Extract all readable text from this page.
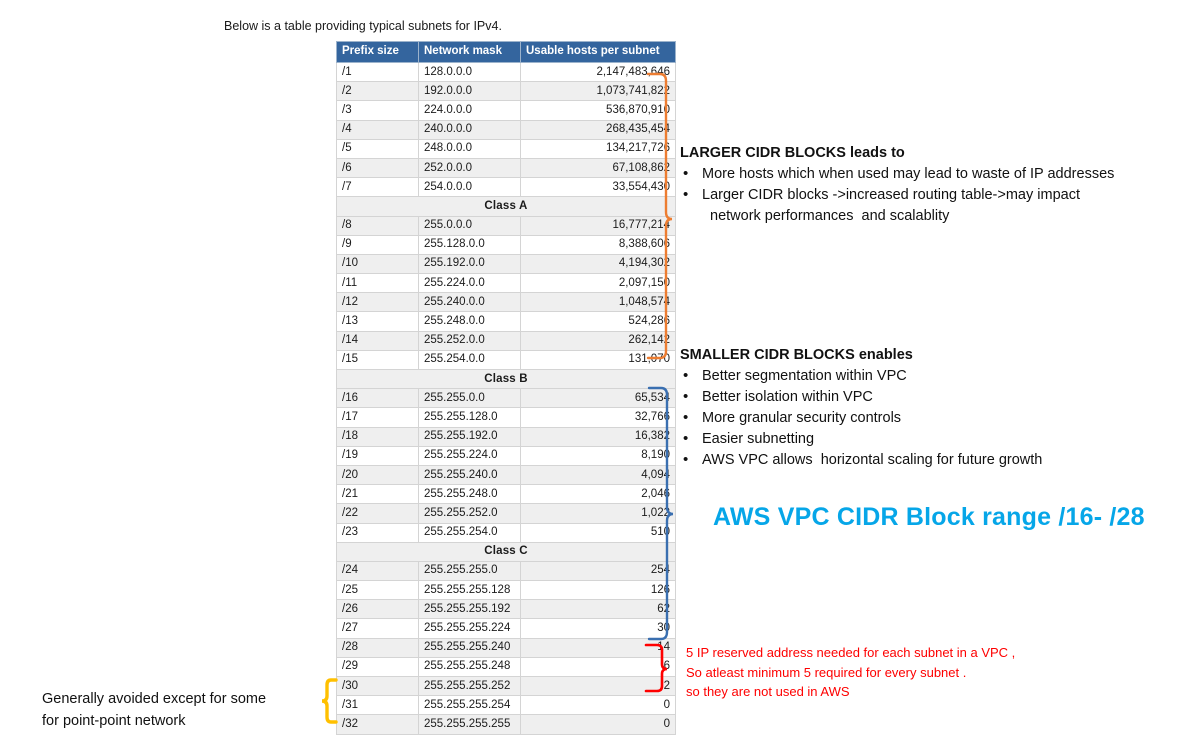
Below is a table providing typical subnets for IPv4.
Prefix size	Network mask	Usable hosts per subnet
/1	128.0.0.0	2,147,483,646
/2	192.0.0.0	1,073,741,822
/3	224.0.0.0	536,870,910
/4	240.0.0.0	268,435,454
/5	248.0.0.0	134,217,726
/6	252.0.0.0	67,108,862
/7	254.0.0.0	33,554,430
Class A		
/8	255.0.0.0	16,777,214
/9	255.128.0.0	8,388,606
/10	255.192.0.0	4,194,302
/11	255.224.0.0	2,097,150
/12	255.240.0.0	1,048,574
/13	255.248.0.0	524,286
/14	255.252.0.0	262,142
/15	255.254.0.0	131,070
Class B		
/16	255.255.0.0	65,534
/17	255.255.128.0	32,766
/18	255.255.192.0	16,382
/19	255.255.224.0	8,190
/20	255.255.240.0	4,094
/21	255.255.248.0	2,046
/22	255.255.252.0	1,022
/23	255.255.254.0	510
Class C		
/24	255.255.255.0	254
/25	255.255.255.128	126
/26	255.255.255.192	62
/27	255.255.255.224	30
/28	255.255.255.240	14
/29	255.255.255.248	6
/30	255.255.255.252	2
/31	255.255.255.254	0
/32	255.255.255.255	0
LARGER CIDR BLOCKS leads to
• More hosts which when used may lead to waste of IP addresses
• Larger CIDR blocks ->increased routing table->may impact
network performances  and scalablity
SMALLER CIDR BLOCKS enables
• Better segmentation within VPC
• Better isolation within VPC
• More granular security controls
• Easier subnetting
• AWS VPC allows  horizontal scaling for future growth
AWS VPC CIDR Block range /16- /28
5 IP reserved address needed for each subnet in a VPC ,
So atleast minimum 5 required for every subnet .
so they are not used in AWS
Generally avoided except for some
for point-point network
